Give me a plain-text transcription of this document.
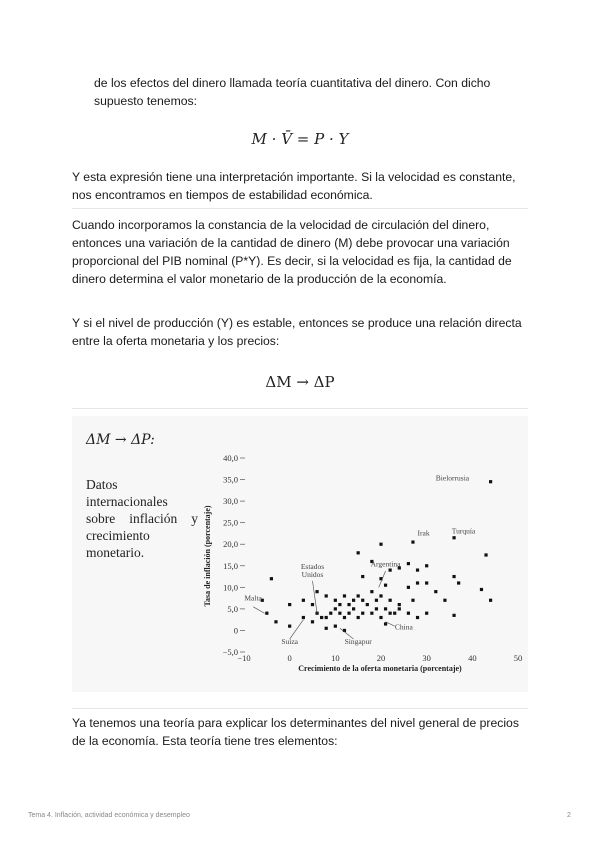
de los efectos del dinero llamada teoría cuantitativa del dinero. Con dicho supuesto tenemos:

M · V̄ = P · Y

Y esta expresión tiene una interpretación importante. Si la velocidad es constante, nos encontramos en tiempos de estabilidad económica.

Cuando incorporamos la constancia de la velocidad de circulación del dinero, entonces una variación de la cantidad de dinero (M) debe provocar una variación proporcional del PIB nominal (P*Y). Es decir, si la velocidad es fija, la cantidad de dinero determina el valor monetario de la producción de la economía.

Y si el nivel de producción (Y) es estable, entonces se produce una relación directa entre la oferta monetaria y los precios:

ΔM → ΔP
ΔM → ΔP:
Datos internacionales sobre inflación y crecimiento monetario.
−5,0
0
5,0
10,0
15,0
20,0
25,0
30,0
35,0
40,0
−10	0	10	20	30	40	50
Crecimiento de la oferta monetaria (porcentaje)
Tasa de inflación (porcentaje)
Bielorrusia
Irak	Turquía
Argentina
Malta
China
Suiza	Singapur
Estados
Unidos

Ya tenemos una teoría para explicar los determinantes del nivel general de precios de la economía. Esta teoría tiene tres elementos:

Tema 4. Inflación, actividad económica y desempleo	2
